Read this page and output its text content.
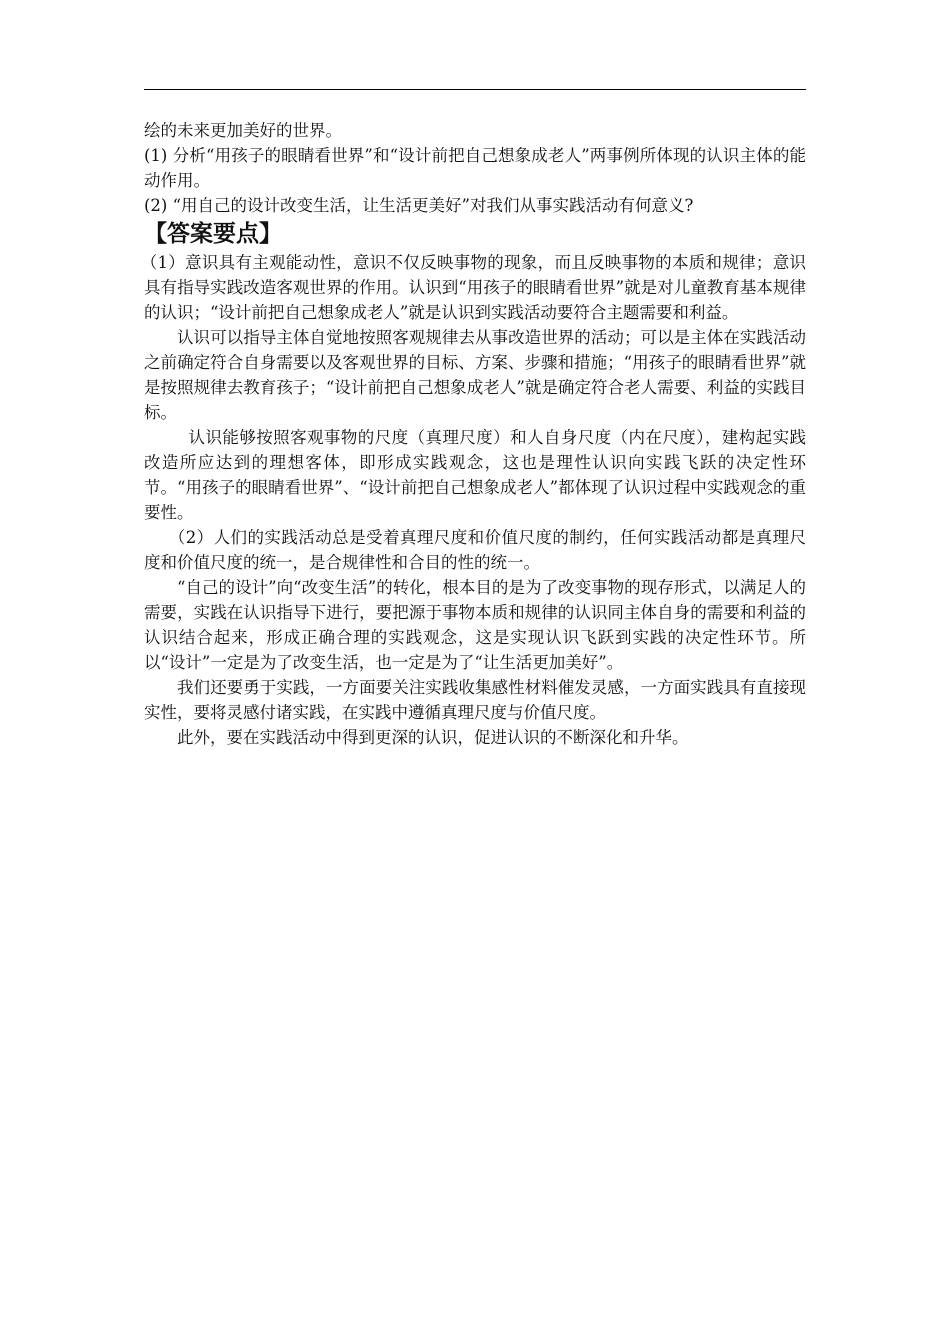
绘的未来更加美好的世界。

(1) 分析“用孩子的眼睛看世界”和“设计前把自己想象成老人”两事例所体现的认识主体的能动作用。

(2) “用自己的设计改变生活，让生活更美好”对我们从事实践活动有何意义?

【答案要点】

（1）意识具有主观能动性，意识不仅反映事物的现象，而且反映事物的本质和规律；意识具有指导实践改造客观世界的作用。认识到“用孩子的眼睛看世界”就是对儿童教育基本规律的认识；“设计前把自己想象成老人”就是认识到实践活动要符合主题需要和利益。

认识可以指导主体自觉地按照客观规律去从事改造世界的活动；可以是主体在实践活动之前确定符合自身需要以及客观世界的目标、方案、步骤和措施；“用孩子的眼睛看世界”就是按照规律去教育孩子；“设计前把自己想象成老人”就是确定符合老人需要、利益的实践目标。

认识能够按照客观事物的尺度（真理尺度）和人自身尺度（内在尺度），建构起实践改造所应达到的理想客体，即形成实践观念，这也是理性认识向实践飞跃的决定性环节。“用孩子的眼睛看世界”、“设计前把自己想象成老人”都体现了认识过程中实践观念的重要性。

（2）人们的实践活动总是受着真理尺度和价值尺度的制约，任何实践活动都是真理尺度和价值尺度的统一，是合规律性和合目的性的统一。

“自己的设计”向“改变生活”的转化，根本目的是为了改变事物的现存形式，以满足人的需要，实践在认识指导下进行，要把源于事物本质和规律的认识同主体自身的需要和利益的认识结合起来，形成正确合理的实践观念，这是实现认识飞跃到实践的决定性环节。所以“设计”一定是为了改变生活，也一定是为了“让生活更加美好”。

我们还要勇于实践，一方面要关注实践收集感性材料催发灵感，一方面实践具有直接现实性，要将灵感付诸实践，在实践中遵循真理尺度与价值尺度。

此外，要在实践活动中得到更深的认识，促进认识的不断深化和升华。
